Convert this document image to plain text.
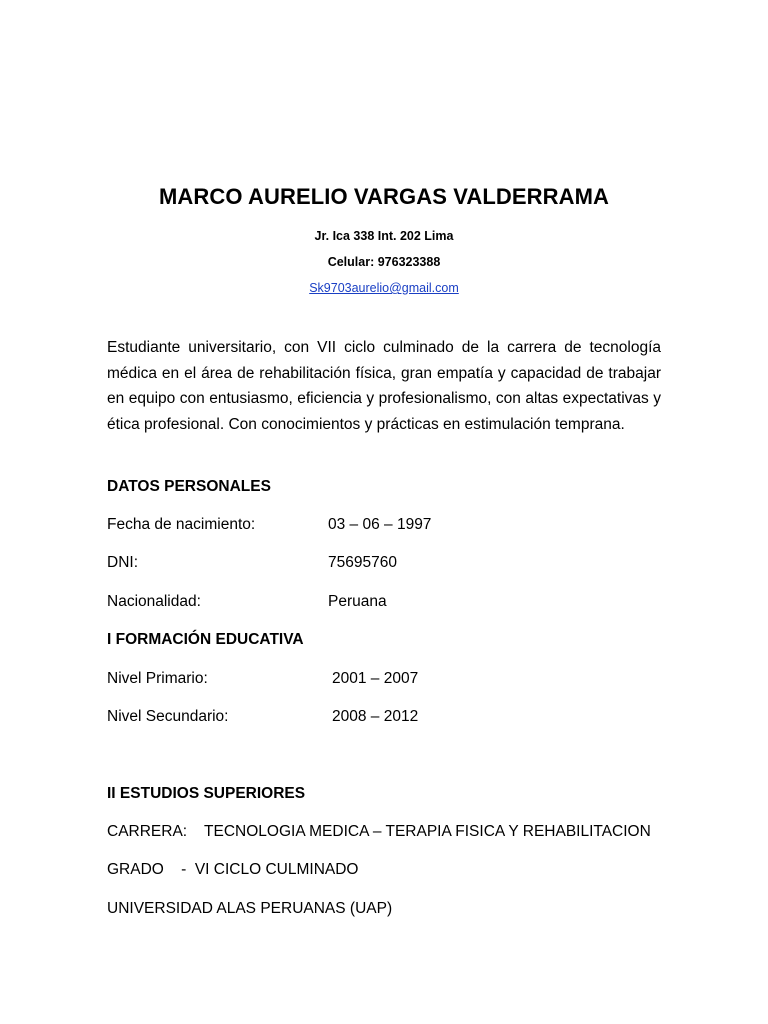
MARCO AURELIO VARGAS VALDERRAMA
Jr. Ica 338 Int. 202 Lima
Celular: 976323388
Sk9703aurelio@gmail.com
Estudiante universitario, con VII ciclo culminado de la carrera de tecnología médica en el área de rehabilitación física, gran empatía y capacidad de trabajar en equipo con entusiasmo, eficiencia y profesionalismo, con altas expectativas y ética profesional. Con conocimientos y prácticas en estimulación temprana.
DATOS PERSONALES
Fecha de nacimiento:	03 – 06 – 1997
DNI:	75695760
Nacionalidad:	Peruana
I FORMACIÓN EDUCATIVA
Nivel Primario:	2001 – 2007
Nivel Secundario:	2008 – 2012
II ESTUDIOS SUPERIORES
CARRERA:    TECNOLOGIA MEDICA – TERAPIA FISICA Y REHABILITACION
GRADO    -  VI CICLO CULMINADO
UNIVERSIDAD ALAS PERUANAS (UAP)
